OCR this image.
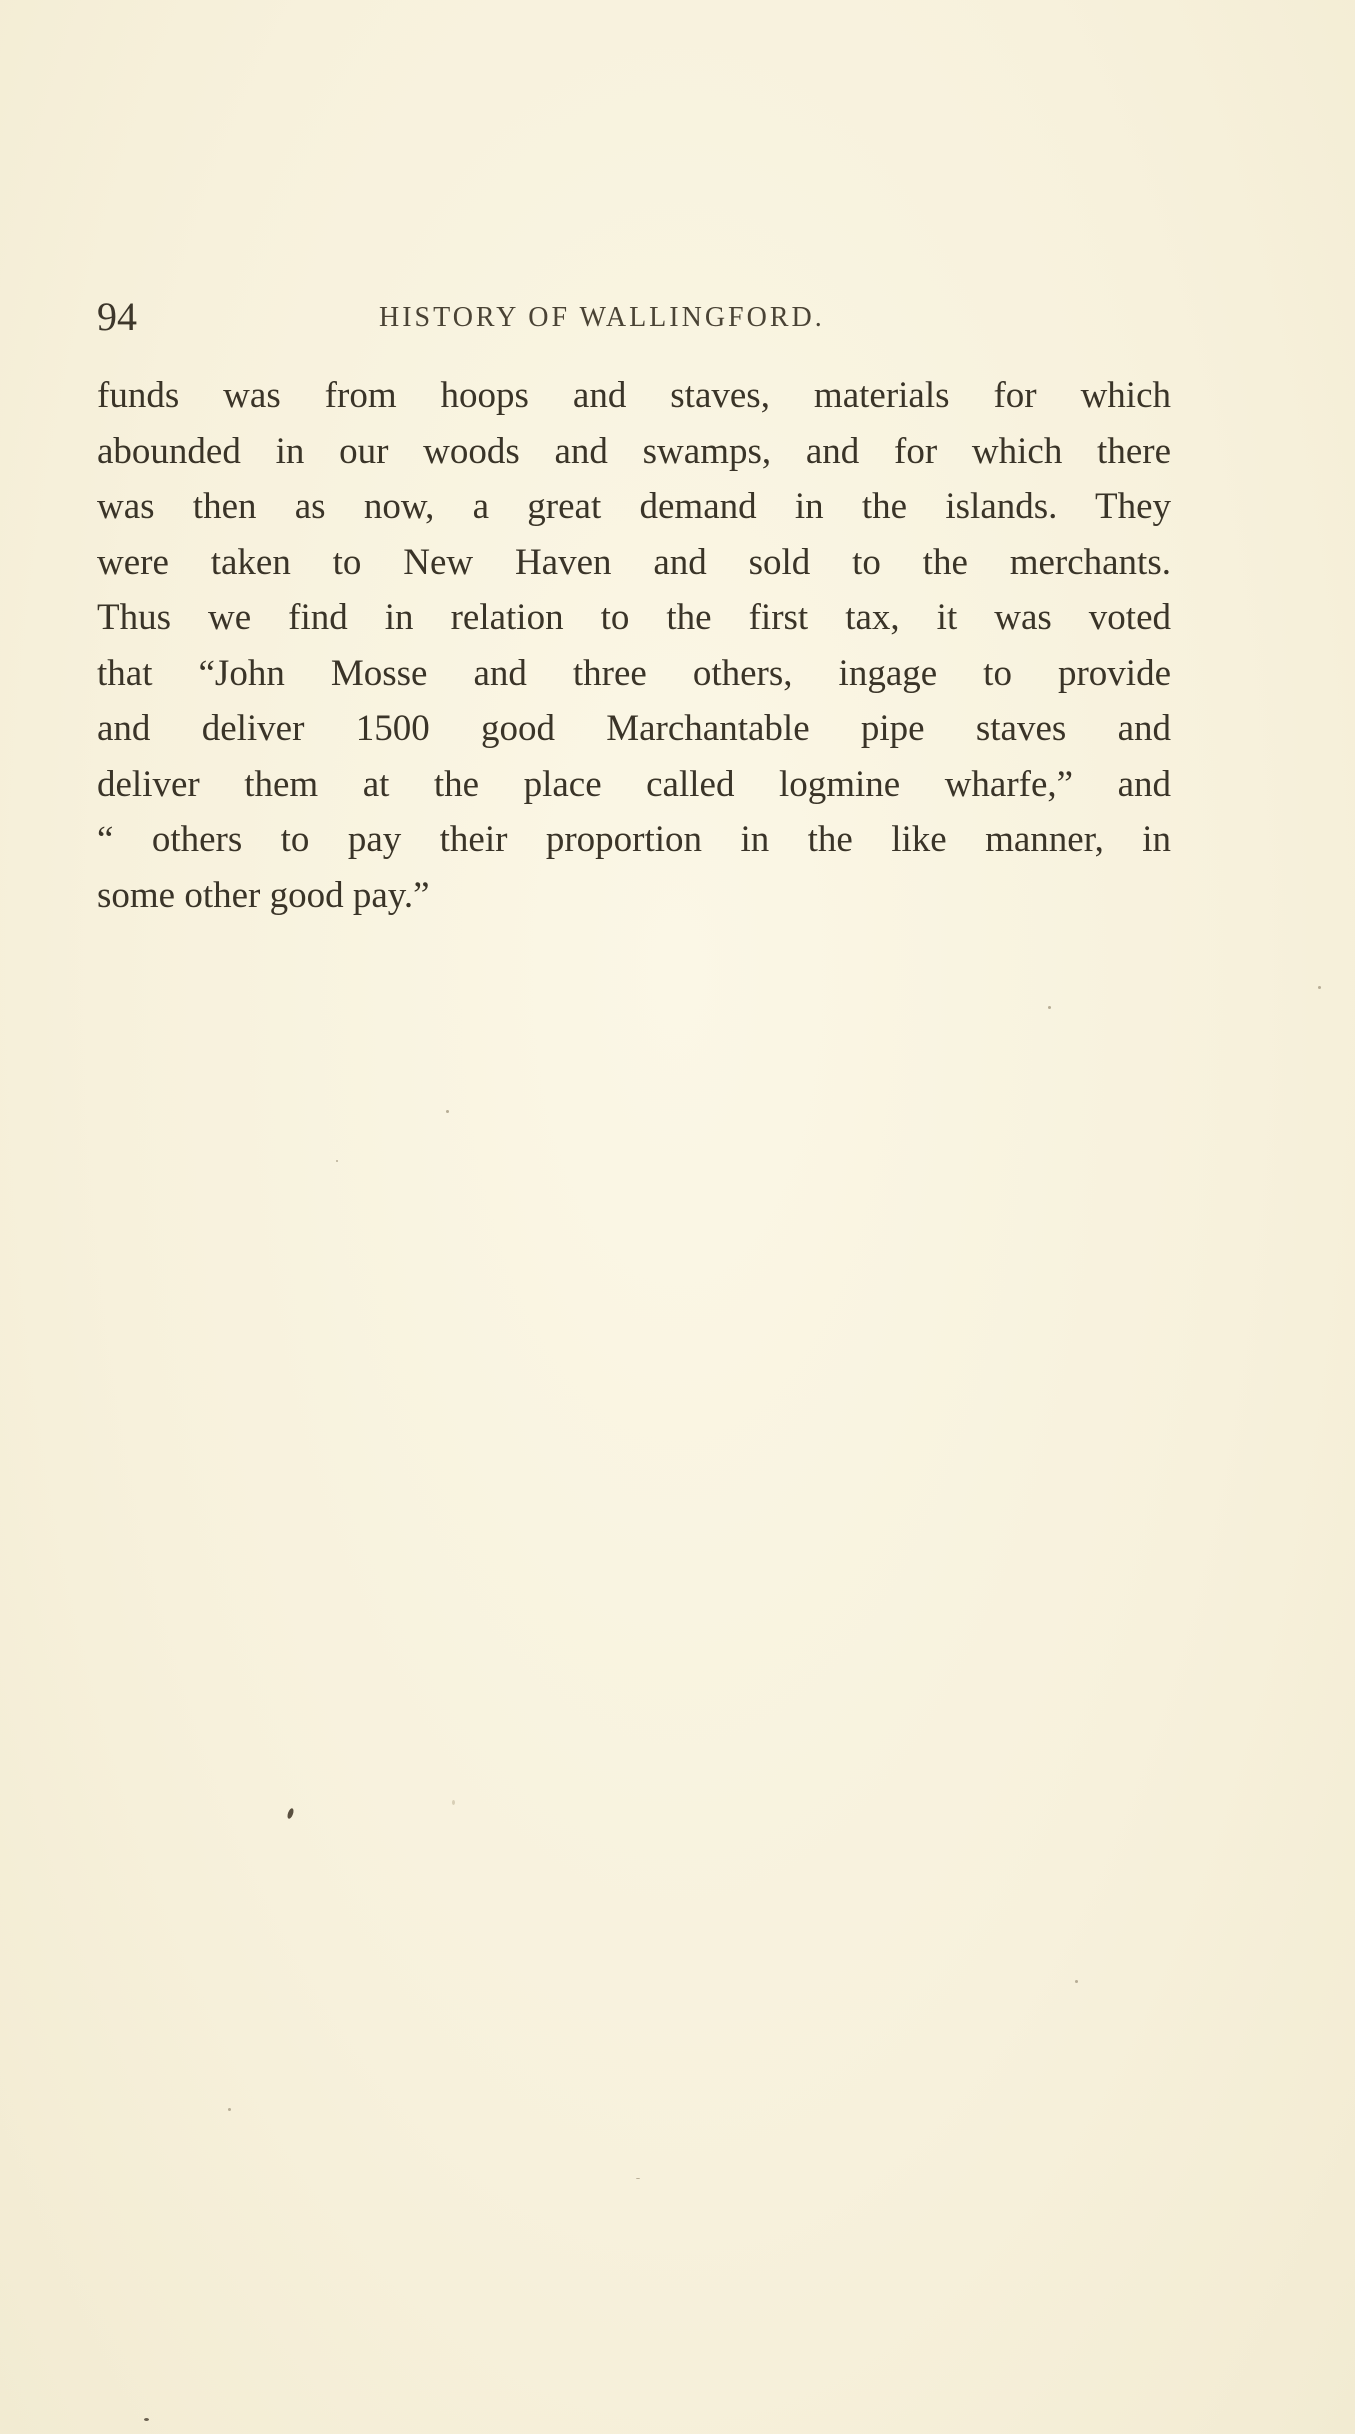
94	HISTORY OF WALLINGFORD.
funds was from hoops and staves, materials for which
abounded in our woods and swamps, and for which there
was then as now, a great demand in the islands. They
were taken to New Haven and sold to the merchants.
Thus we find in relation to the first tax, it was voted
that “John Mosse and three others, ingage to provide
and deliver 1500 good Marchantable pipe staves and
deliver them at the place called logmine wharfe,” and
“ others to pay their proportion in the like manner, in
some other good pay.”
